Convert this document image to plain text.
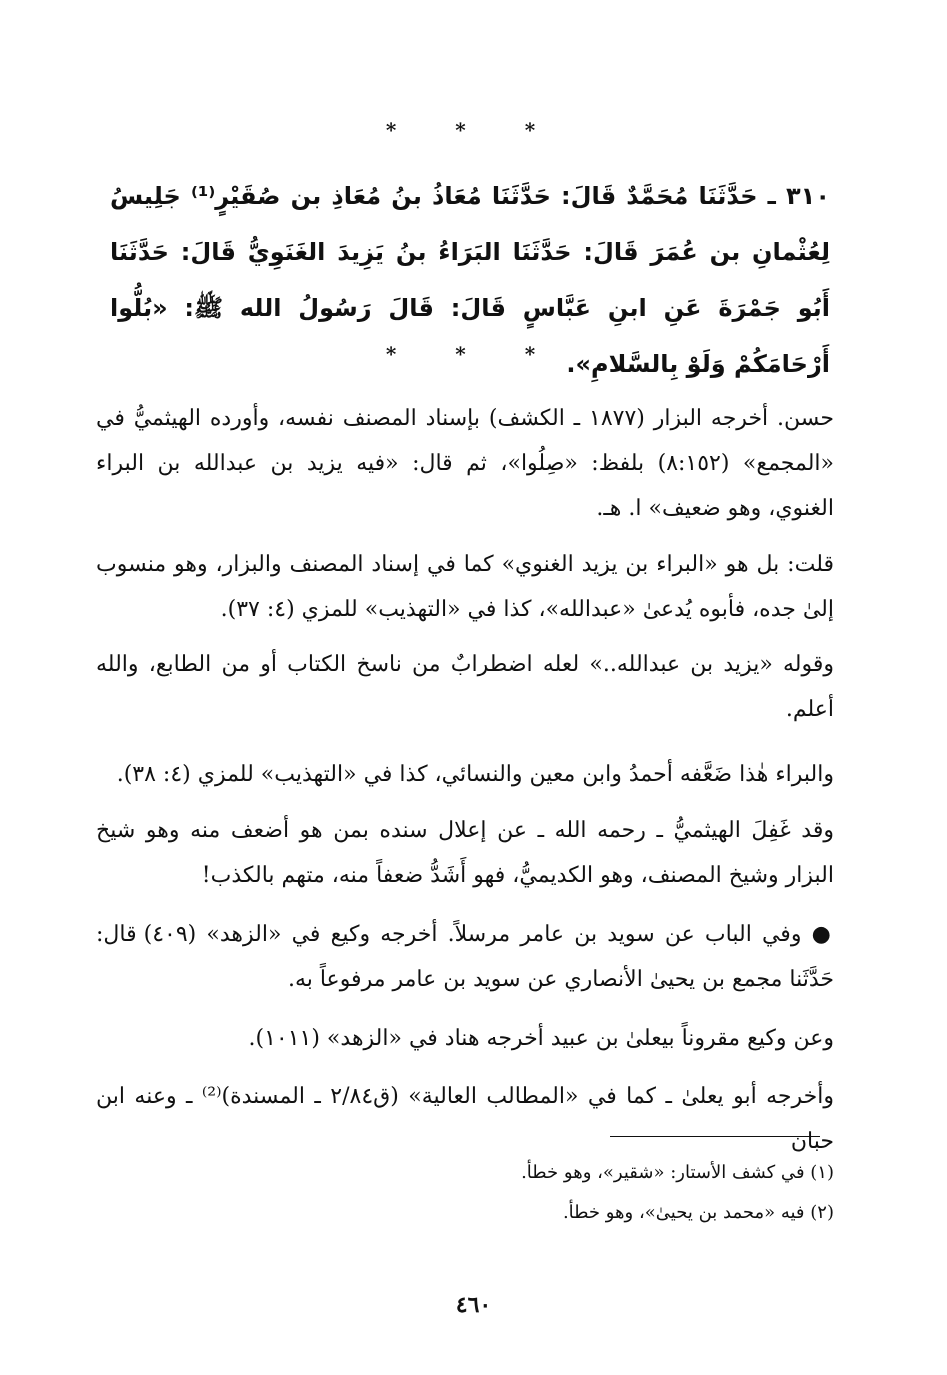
* * *
٣١٠ ـ حَدَّثَنَا مُحَمَّدٌ قَالَ: حَدَّثَنَا مُعَاذُ بنُ مُعَاذِ بن صُقَيْرٍ⁽¹⁾ جَلِيسُ لِعُثْمانِ بن عُمَرَ قَالَ: حَدَّثَنَا البَرَاءُ بنُ يَزِيدَ الغَنَوِيُّ قَالَ: حَدَّثَنَا أَبُو جَمْرَةَ عَنِ ابنِ عَبَّاسٍ قَالَ: قَالَ رَسُولُ الله ﷺ: «بُلُّوا أَرْحَامَكُمْ وَلَوْ بِالسَّلامِ».
* * *
حسن. أخرجه البزار (١٨٧٧ ـ الكشف) بإسناد المصنف نفسه، وأورده الهيثميُّ في «المجمع» (٨:١٥٢) بلفظ: «صِلُوا»، ثم قال: «فيه يزيد بن عبدالله بن البراء الغنوي، وهو ضعيف» ا. هـ.
قلت: بل هو «البراء بن يزيد الغنوي» كما في إسناد المصنف والبزار، وهو منسوب إلىٰ جده، فأبوه يُدعىٰ «عبدالله»، كذا في «التهذيب» للمزي (٤: ٣٧).
وقوله «يزيد بن عبدالله..» لعله اضطرابٌ من ناسخ الكتاب أو من الطابع، والله أعلم.
والبراء هٰذا ضَعَّفه أحمدُ وابن معين والنسائي، كذا في «التهذيب» للمزي (٤: ٣٨).
وقد غَفِلَ الهيثميُّ ـ رحمه الله ـ عن إعلال سنده بمن هو أضعف منه وهو شيخ البزار وشيخ المصنف، وهو الكديميُّ، فهو أَشَدُّ ضعفاً منه، متهم بالكذب!
● وفي الباب عن سويد بن عامر مرسلاً. أخرجه وكيع في «الزهد» (٤٠٩) قال: حَدَّثَنا مجمع بن يحيىٰ الأنصاري عن سويد بن عامر مرفوعاً به.
وعن وكيع مقروناً بيعلىٰ بن عبيد أخرجه هناد في «الزهد» (١٠١١).
وأخرجه أبو يعلىٰ ـ كما في «المطالب العالية» (ق٢/٨٤ ـ المسندة)⁽²⁾ ـ وعنه ابن حبان
(١) في كشف الأستار: «شقير»، وهو خطأ.
(٢) فيه «محمد بن يحيىٰ»، وهو خطأ.
٤٦٠
